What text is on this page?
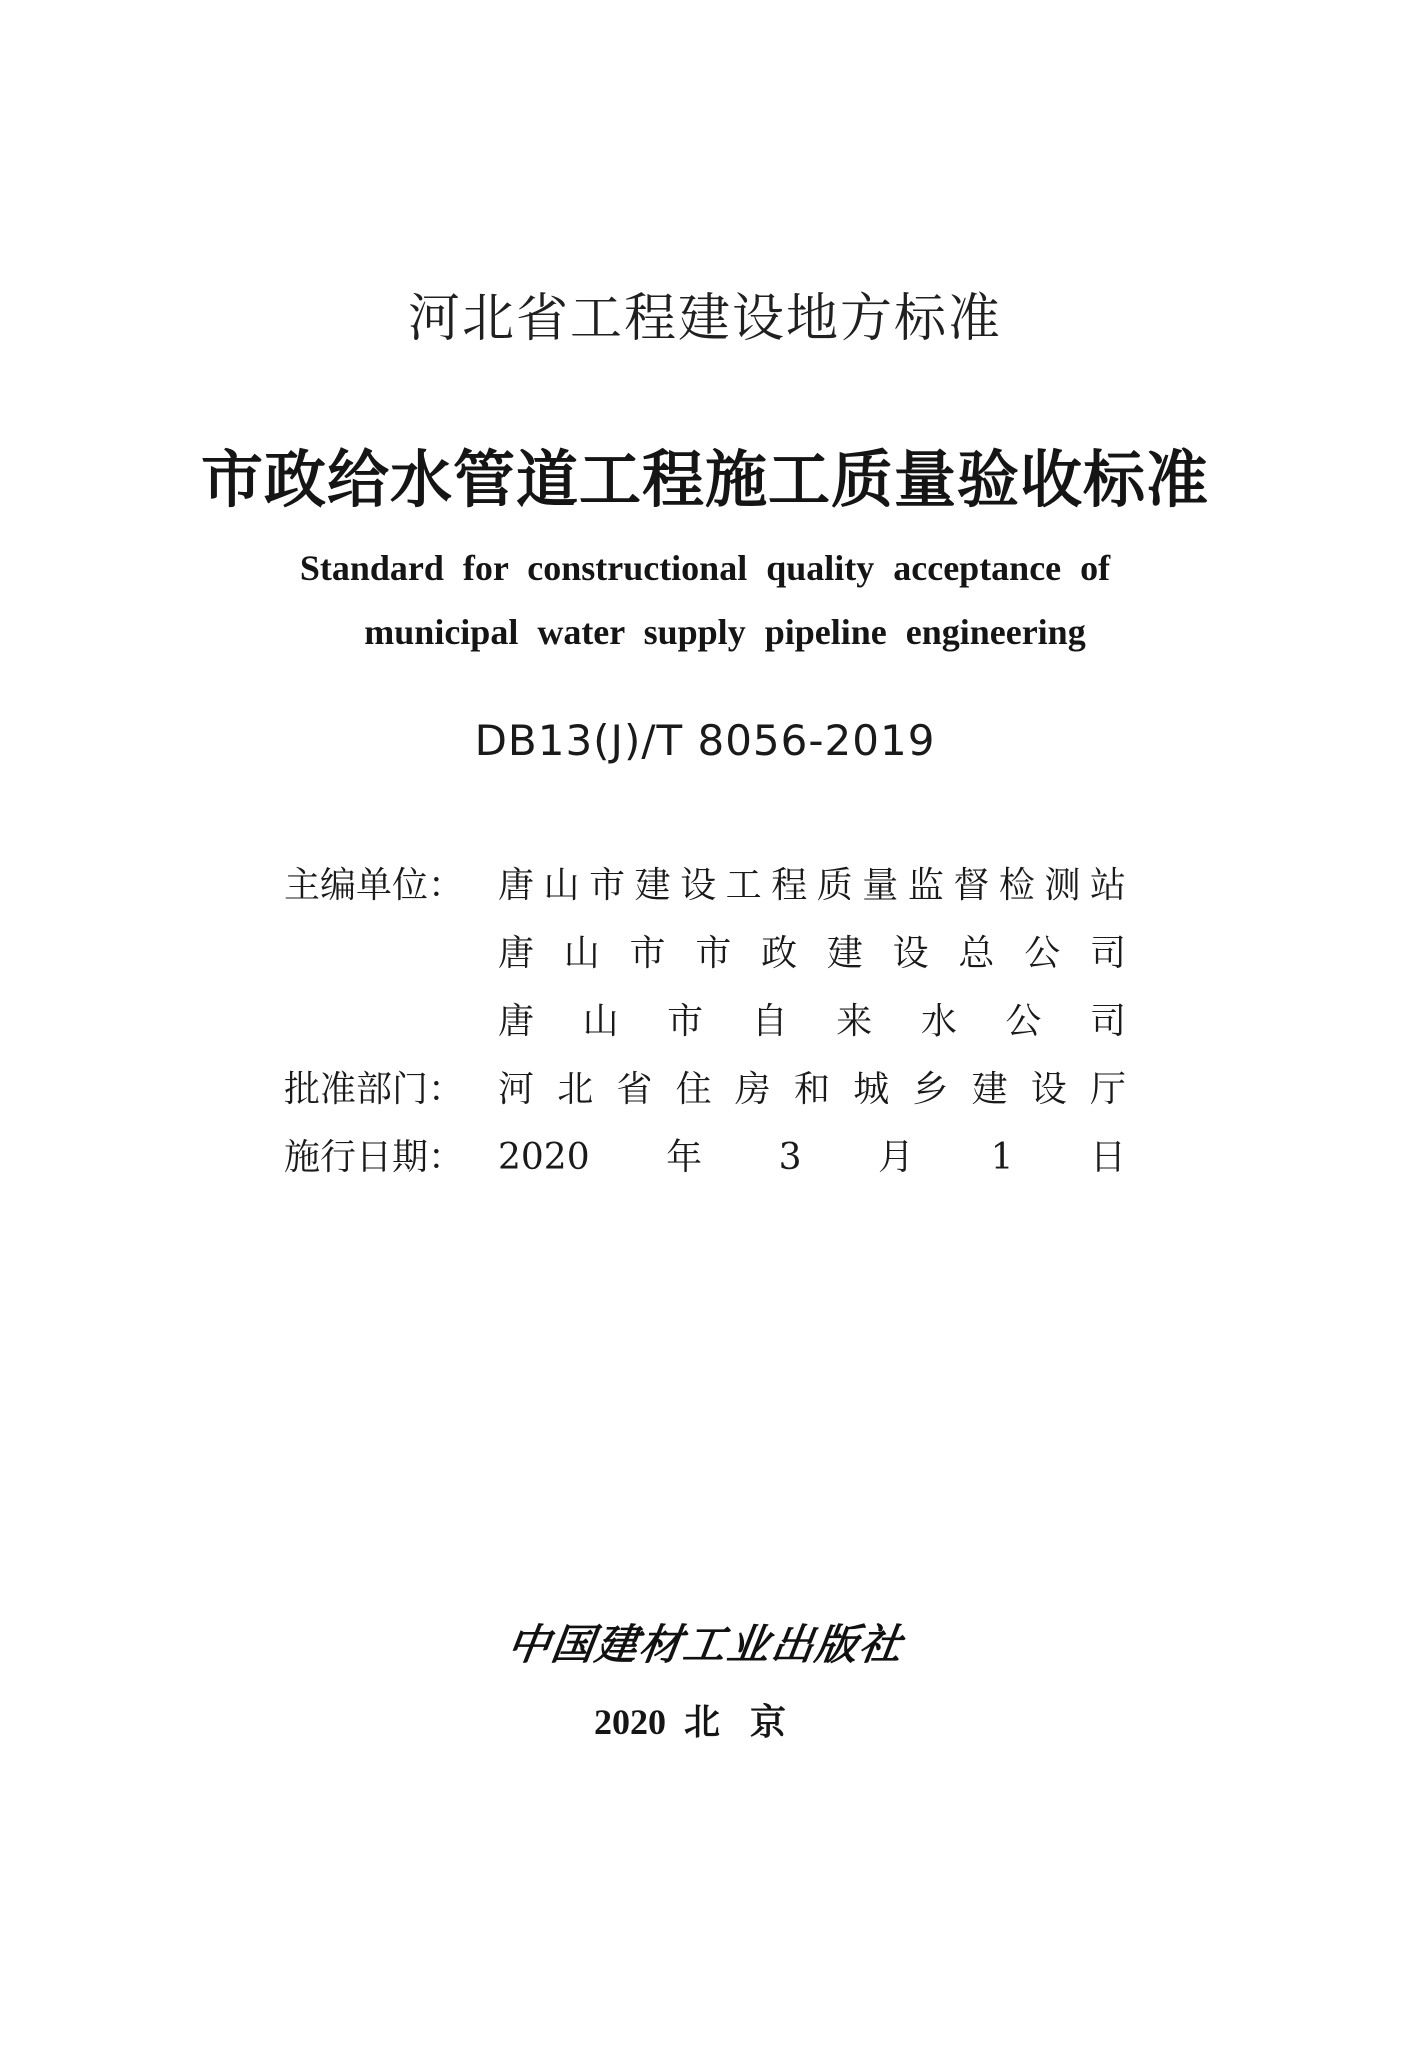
河北省工程建设地方标准
市政给水管道工程施工质量验收标准
Standard for constructional quality acceptance of
municipal water supply pipeline engineering
DB13(J)/T 8056-2019
主编单位： 唐山市建设工程质量监督检测站
唐山市市政建设总公司
唐山市自来水公司
批准部门： 河北省住房和城乡建设厅
施行日期： 2020年3月1日
中
国
建
材
工
业
出
版
社
2020 北京
